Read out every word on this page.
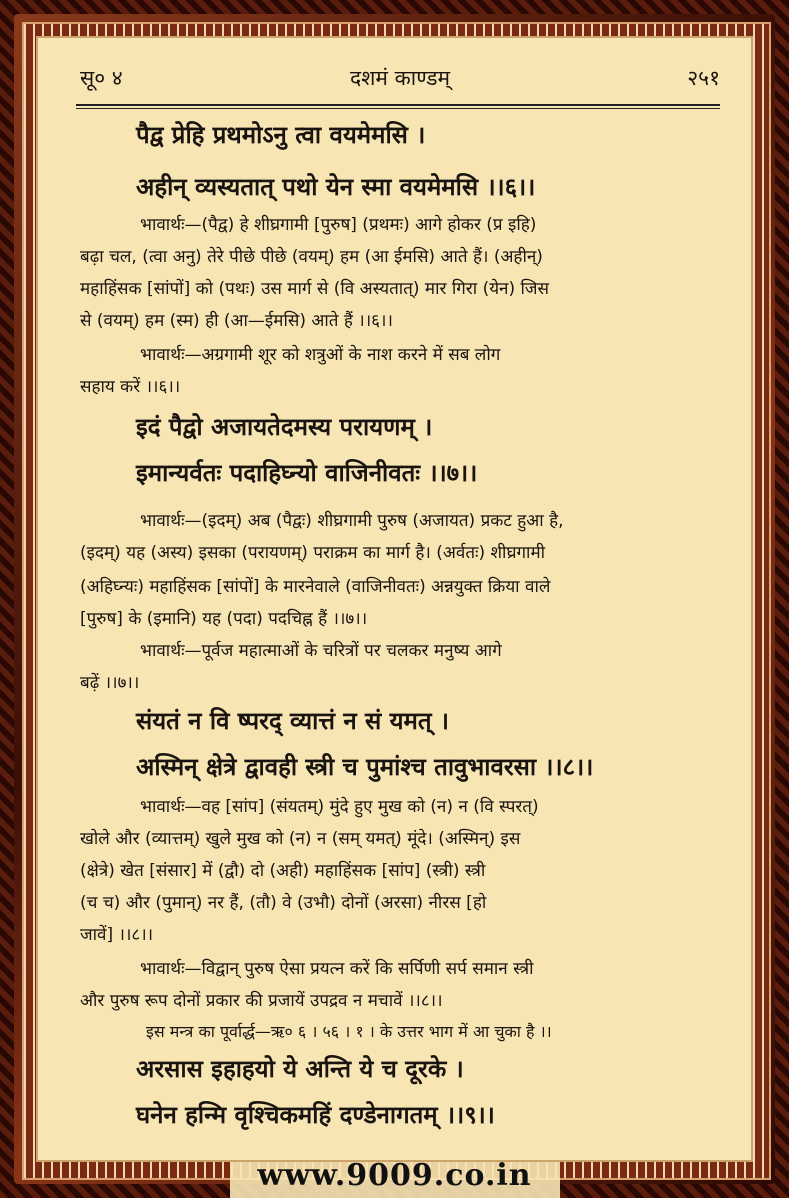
सू० ४	दशमं काण्डम्	२५१
पैद्व प्रेहि प्रथमोऽनु त्वा वयमेमसि ।
अहीन् व्यस्यतात् पथो येन स्मा वयमेमसि ।।६।।
भावार्थः—(पैद्व) हे शीघ्रगामी [पुरुष] (प्रथमः) आगे होकर (प्र इहि)
बढ़ा चल, (त्वा अनु) तेरे पीछे पीछे (वयम्) हम (आ ईमसि) आते हैं। (अहीन्)
महाहिंसक [सांपों] को (पथः) उस मार्ग से (वि अस्यतात्) मार गिरा (येन) जिस
से (वयम्) हम (स्म) ही (आ—ईमसि) आते हैं ।।६।।
भावार्थः—अग्रगामी शूर को शत्रुओं के नाश करने में सब लोग
सहाय करें ।।६।।
इदं पैद्वो अजायतेदमस्य परायणम् ।
इमान्यर्वतः पदाहिघ्न्यो वाजिनीवतः ।।७।।
भावार्थः—(इदम्) अब (पैद्वः) शीघ्रगामी पुरुष (अजायत) प्रकट हुआ है,
(इदम्) यह (अस्य) इसका (परायणम्) पराक्रम का मार्ग है। (अर्वतः) शीघ्रगामी
(अहिघ्न्यः) महाहिंसक [सांपों] के मारनेवाले (वाजिनीवतः) अन्नयुक्त क्रिया वाले
[पुरुष] के (इमानि) यह (पदा) पदचिह्न हैं ।।७।।
भावार्थः—पूर्वज महात्माओं के चरित्रों पर चलकर मनुष्य आगे
बढ़ें ।।७।।
संयतं न वि ष्परद् व्यात्तं न सं यमत् ।
अस्मिन् क्षेत्रे द्वावही स्त्री च पुमांश्च तावुभावरसा ।।८।।
भावार्थः—वह [सांप] (संयतम्) मुंदे हुए मुख को (न) न (वि स्परत्)
खोले और (व्यात्तम्) खुले मुख को (न) न (सम् यमत्) मूंदे। (अस्मिन्) इस
(क्षेत्रे) खेत [संसार] में (द्वौ) दो (अही) महाहिंसक [सांप] (स्त्री) स्त्री
(च च) और (पुमान्) नर हैं, (तौ) वे (उभौ) दोनों (अरसा) नीरस [हो
जावें] ।।८।।
भावार्थः—विद्वान् पुरुष ऐसा प्रयत्न करें कि सर्पिणी सर्प समान स्त्री
और पुरुष रूप दोनों प्रकार की प्रजायें उपद्रव न मचावें ।।८।।
इस मन्त्र का पूर्वार्द्ध—ऋ० ६ । ५६ । १ । के उत्तर भाग में आ चुका है ।।
अरसास इहाहयो ये अन्ति ये च दूरके ।
घनेन हन्मि वृश्चिकमहिं दण्डेनागतम् ।।९।।
www.9009.co.in
